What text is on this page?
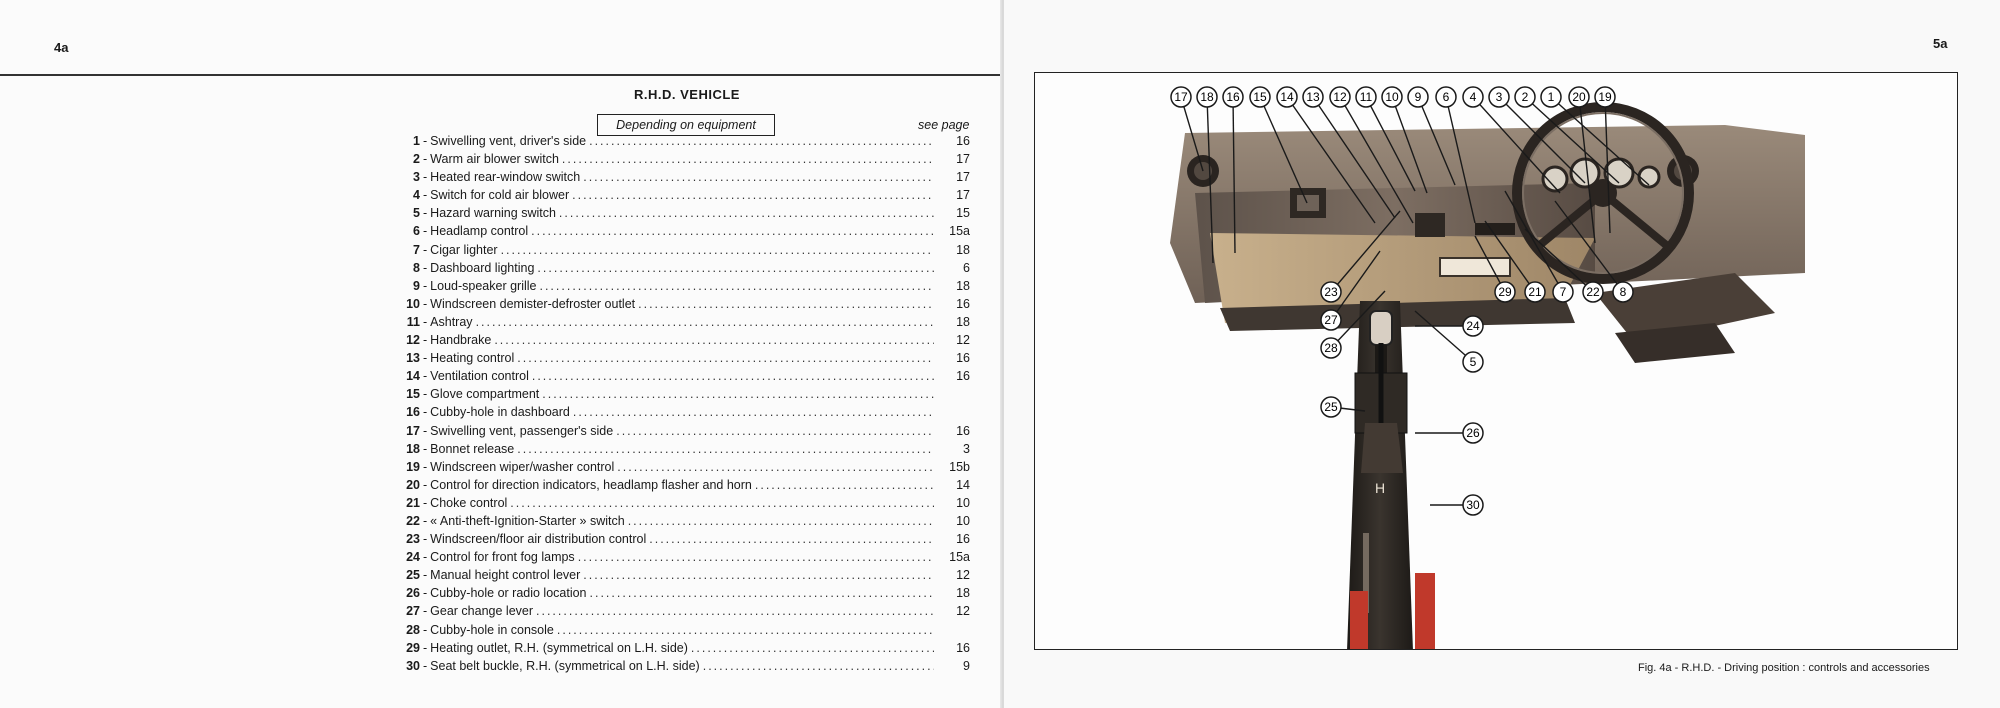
4a
R.H.D. VEHICLE
Depending on equipment	see page
1 - Swivelling vent, driver's side .....	16
2 - Warm air blower switch .....	17
3 - Heated rear-window switch .....	17
4 - Switch for cold air blower .....	17
5 - Hazard warning switch .....	15
6 - Headlamp control .....	15a
7 - Cigar lighter .....	18
8 - Dashboard lighting .....	6
9 - Loud-speaker grille .....	18
10 - Windscreen demister-defroster outlet .....	16
11 - Ashtray .....	18
12 - Handbrake .....	12
13 - Heating control .....	16
14 - Ventilation control .....	16
15 - Glove compartment
.....
16 - Cubby-hole in dashboard
.....
17 - Swivelling vent, passenger's side .....	16
18 - Bonnet release .....	3
19 - Windscreen wiper/washer control .....	15b
20 - Control for direction indicators, headlamp flasher and horn .....	14
21 - Choke control .....	10
22 - « Anti-theft-Ignition-Starter » switch .....	10
23 - Windscreen/floor air distribution control .....	16
24 - Control for front fog lamps .....	15a
25 - Manual height control lever .....	12
26 - Cubby-hole or radio location .....	18
27 - Gear change lever .....	12
28 - Cubby-hole in console
.....
29 - Heating outlet, R.H. (symmetrical on L.H. side) .....	16
30 - Seat belt buckle, R.H. (symmetrical on L.H. side) .....	9
5a
H
17 18 16 15 14 13 12 11 10 9 6 4 3 2 1 20 19
29 21 7 22 8
23
27
28
24
5
25
26
30
Fig. 4a - R.H.D. - Driving position : controls and accessories
